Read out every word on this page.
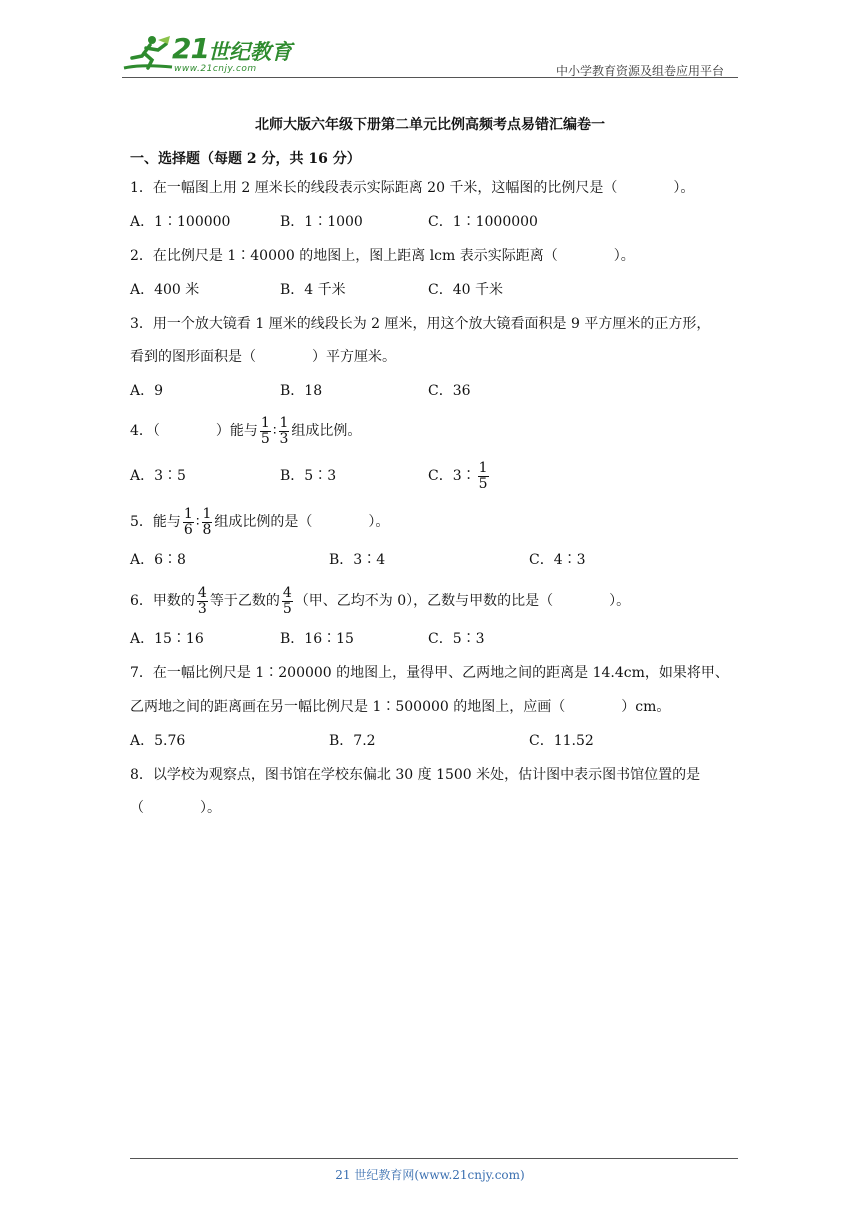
21 世纪教育
www.21cnjy.com	中小学教育资源及组卷应用平台
北师大版六年级下册第二单元比例高频考点易错汇编卷一
一、选择题（每题 2 分，共 16 分）
1．在一幅图上用 2 厘米长的线段表示实际距离 20 千米，这幅图的比例尺是（　　　　）。
A．1∶100000	B．1∶1000	C．1∶1000000
2．在比例尺是 1∶40000 的地图上，图上距离 lcm 表示实际距离（　　　　）。
A．400 米	B．4 千米	C．40 千米
3．用一个放大镜看 1 厘米的线段长为 2 厘米，用这个放大镜看面积是 9 平方厘米的正方形，
看到的图形面积是（　　　　）平方厘米。
A．9	B．18	C．36
4．（　　　　）能与 $\frac{1}{5}$ ∶ $\frac{1}{3}$ 组成比例。
A．3∶5	B．5∶3	C．3∶ $\frac{1}{5}$
5．能与 $\frac{1}{6}$ ∶ $\frac{1}{8}$ 组成比例的是（　　　　）。
A．6∶8	B．3∶4	C．4∶3
6．甲数的 $\frac{4}{3}$ 等于乙数的 $\frac{4}{5}$ （甲、乙均不为 0），乙数与甲数的比是（　　　　）。
A．15∶16	B．16∶15	C．5∶3
7．在一幅比例尺是 1∶200000 的地图上，量得甲、乙两地之间的距离是 14.4cm，如果将甲、
乙两地之间的距离画在另一幅比例尺是 1∶500000 的地图上，应画（　　　　）cm。
A．5.76	B．7.2	C．11.52
8．以学校为观察点，图书馆在学校东偏北 30 度 1500 米处，估计图中表示图书馆位置的是
（　　　　）。
21 世纪教育网(www.21cnjy.com)
